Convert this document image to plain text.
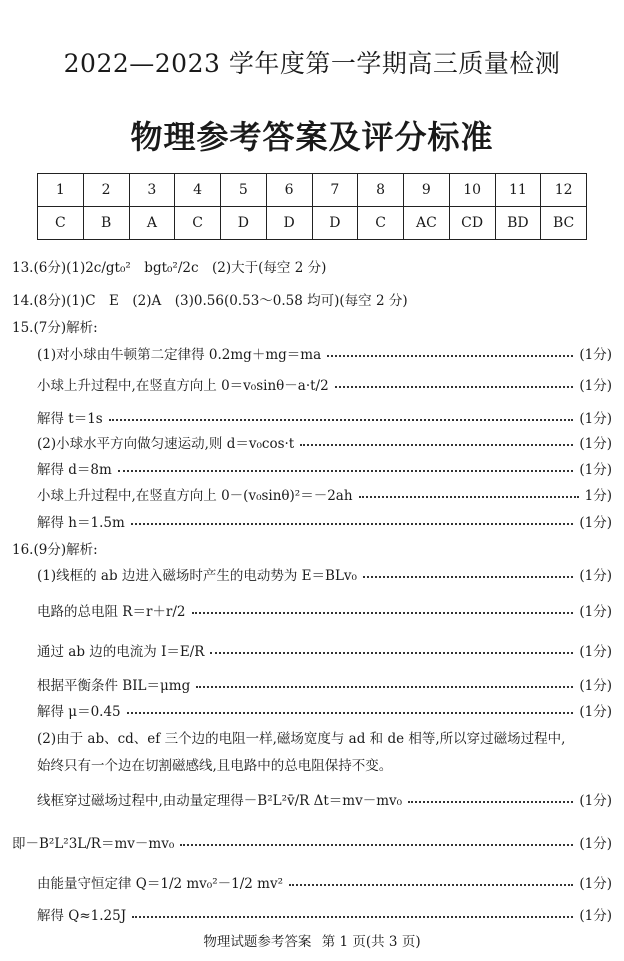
2022—2023 学年度第一学期高三质量检测
物理参考答案及评分标准
1	2	3	4	5	6	7	8	9	10	11	12
C	B	A	C	D	D	D	C	AC	CD	BD	BC
13.(6分)(1)2c/gt₀²　bgt₀²/2c　(2)大于(每空 2 分)
14.(8分)(1)C　E　(2)A　(3)0.56(0.53～0.58 均可)(每空 2 分)
15.(7分)解析:
(1)对小球由牛顿第二定律得 0.2mg＋mg＝ma	(1分)
小球上升过程中,在竖直方向上 0＝v₀sinθ－a·t/2	(1分)
解得 t＝1s	(1分)
(2)小球水平方向做匀速运动,则 d＝v₀cos·t	(1分)
解得 d＝8m	(1分)
小球上升过程中,在竖直方向上 0－(v₀sinθ)²＝－2ah	1分)
解得 h＝1.5m	(1分)
16.(9分)解析:
(1)线框的 ab 边进入磁场时产生的电动势为 E＝BLv₀	(1分)
电路的总电阻 R＝r＋r/2	(1分)
通过 ab 边的电流为 I＝E/R	(1分)
根据平衡条件 BIL＝μmg	(1分)
解得 μ＝0.45	(1分)
(2)由于 ab、cd、ef 三个边的电阻一样,磁场宽度与 ad 和 de 相等,所以穿过磁场过程中,
始终只有一个边在切割磁感线,且电路中的总电阻保持不变。
线框穿过磁场过程中,由动量定理得－B²L²v̄/R Δt＝mv－mv₀	(1分)
即－B²L²3L/R＝mv－mv₀	(1分)
由能量守恒定律 Q＝1/2 mv₀²－1/2 mv²	(1分)
解得 Q≈1.25J	(1分)
物理试题参考答案 第 1 页(共 3 页)
